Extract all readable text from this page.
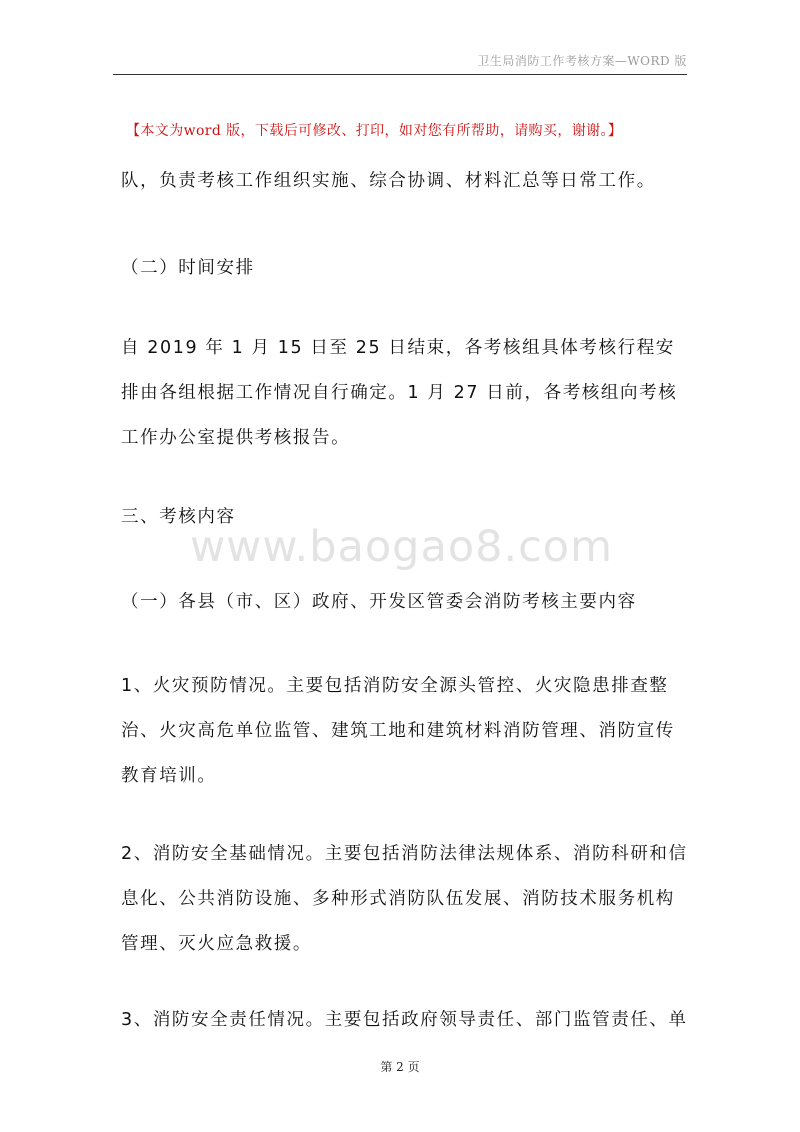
卫生局消防工作考核方案—WORD 版
www.baogao8.com
【本文为word 版，下载后可修改、打印，如对您有所帮助，请购买，谢谢。】
队，负责考核工作组织实施、综合协调、材料汇总等日常工作。
（二）时间安排
自 2019 年 1 月 15 日至 25 日结束，各考核组具体考核行程安排由各组根据工作情况自行确定。1 月 27 日前，各考核组向考核工作办公室提供考核报告。
三、考核内容
（一）各县（市、区）政府、开发区管委会消防考核主要内容
1、火灾预防情况。主要包括消防安全源头管控、火灾隐患排查整治、火灾高危单位监管、建筑工地和建筑材料消防管理、消防宣传教育培训。
2、消防安全基础情况。主要包括消防法律法规体系、消防科研和信息化、公共消防设施、多种形式消防队伍发展、消防技术服务机构管理、灭火应急救援。
3、消防安全责任情况。主要包括政府领导责任、部门监管责任、单
第 2 页
